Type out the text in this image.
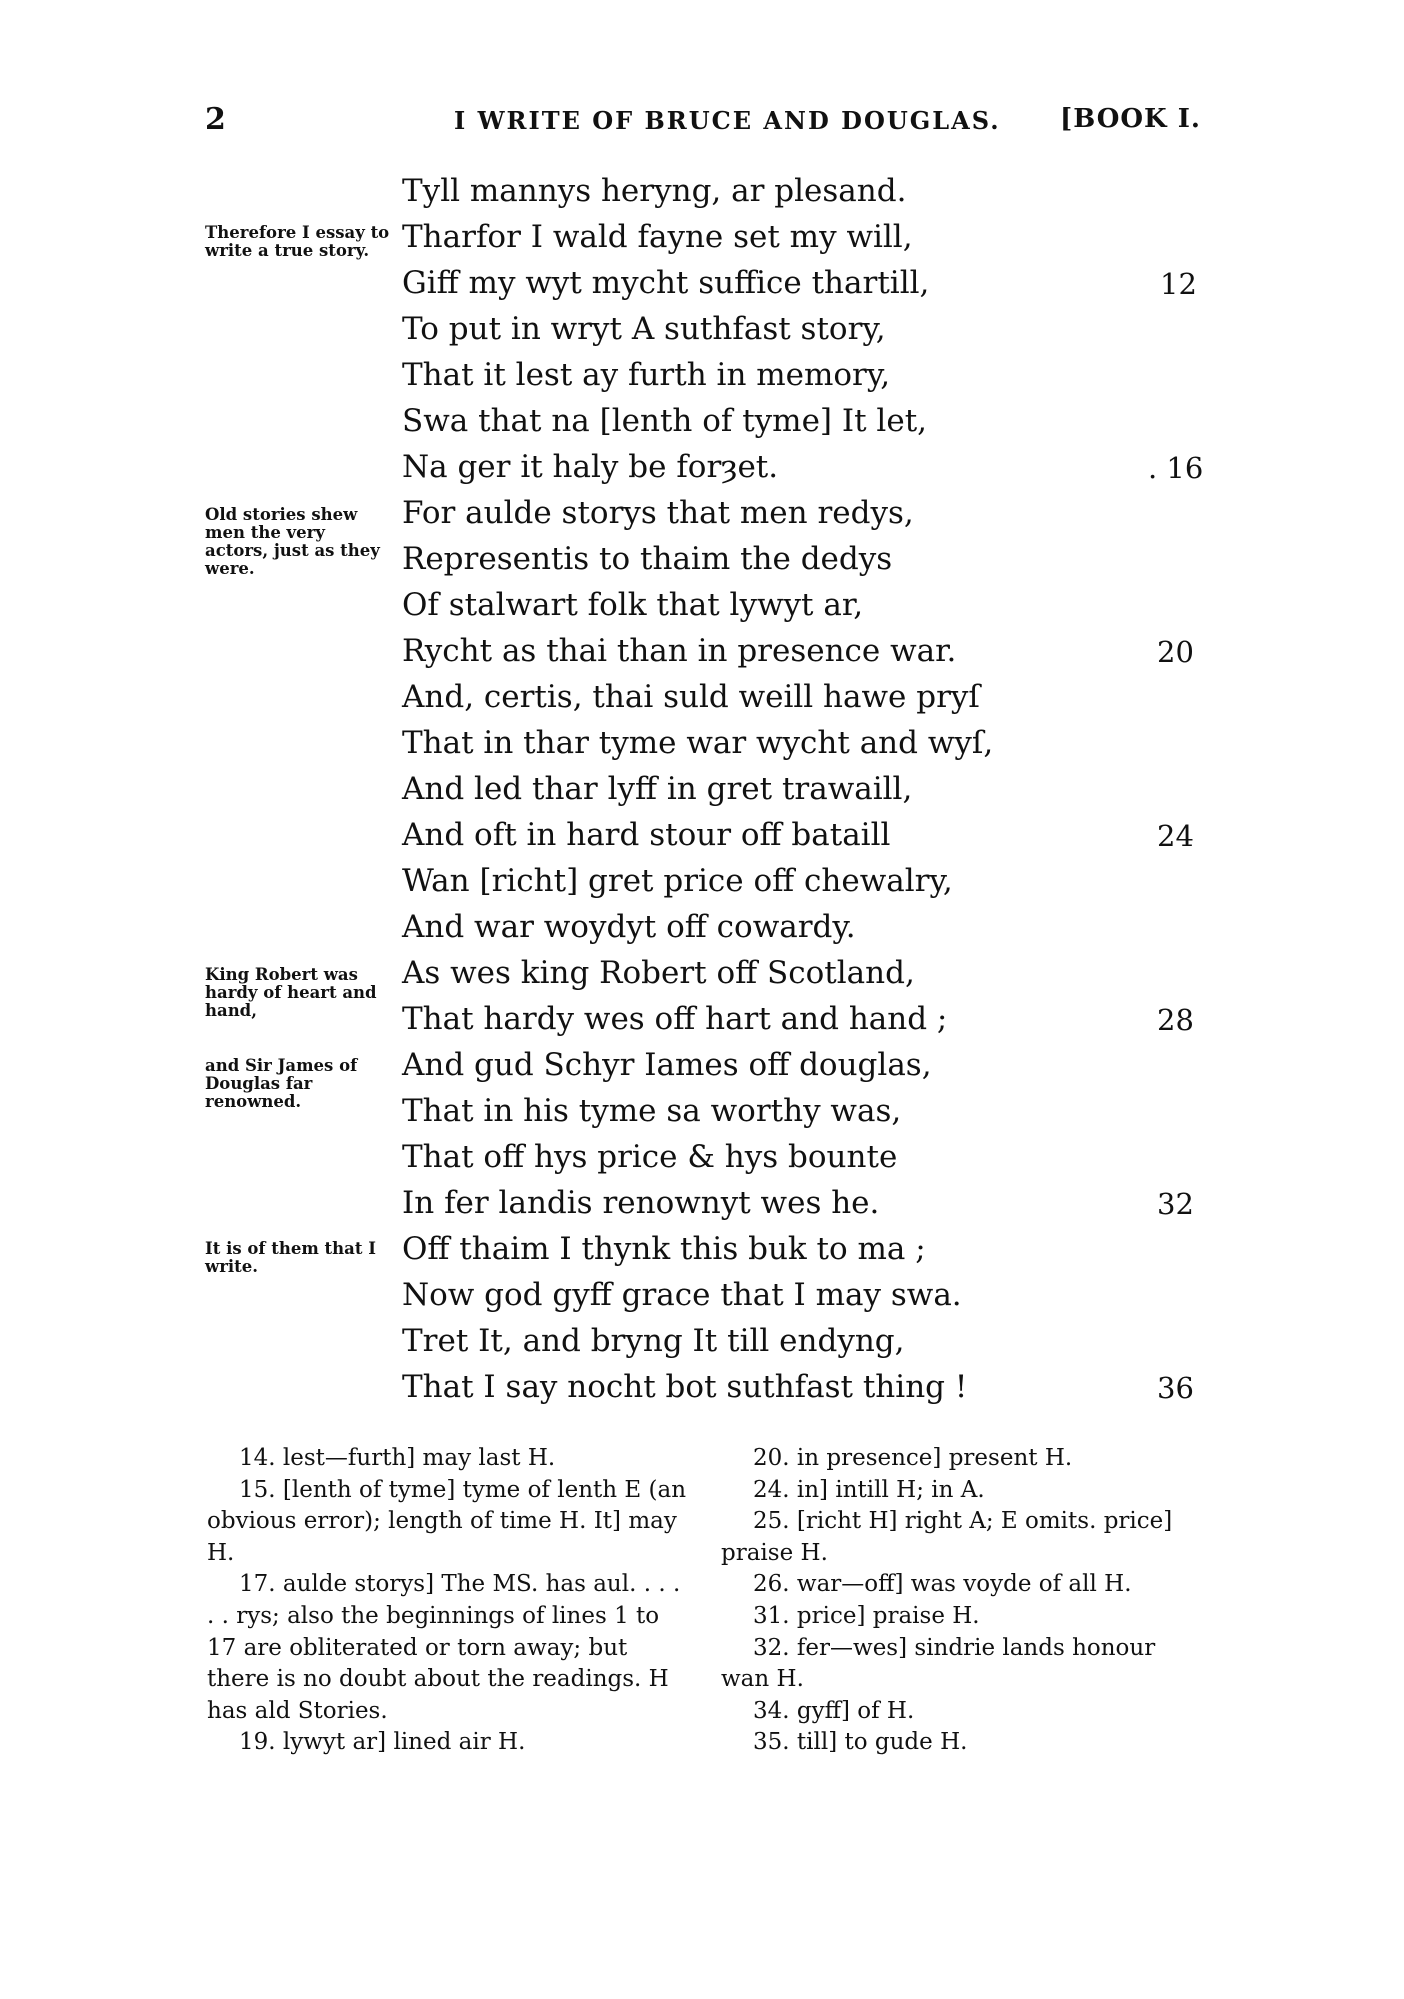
2	I WRITE OF BRUCE AND DOUGLAS. [BOOK I.
Therefore I essay to write a true story.
Old stories shew men the very actors, just as they were.
King Robert was hardy of heart and hand,
and Sir James of Douglas far renowned.
It is of them that I write.
Tyll mannys heryng, ar plesand.
Tharfor I wald fayne set my will,
Giff my wyt mycht suffice thartill,
To put in wryt A suthfast story,
That it lest ay furth in memory,
Swa that na [lenth of tyme] It let,
Na ger it haly be forȝet.
For aulde storys that men redys,
Representis to thaim the dedys
Of stalwart folk that lywyt ar,
Rycht as thai than in presence war.
And, certis, thai suld weill hawe pryſ
That in thar tyme war wycht and wyſ,
And led thar lyff in gret trawaill,
And oft in hard stour off bataill
Wan [richt] gret price off chewalry,
And war woydyt off cowardy.
As wes king Robert off Scotland,
That hardy wes off hart and hand ;
And gud Schyr Iames off douglas,
That in his tyme sa worthy was,
That off hys price & hys bounte
In fer landis renownyt wes he.
Off thaim I thynk this buk to ma ;
Now god gyff grace that I may swa.
Tret It, and bryng It till endyng,
That I say nocht bot suthfast thing !
12
. 16
20
24
28
32
36

14. lest—furth] may last H.

15. [lenth of tyme] tyme of lenth E (an obvious error); length of time H. It] may H.

17. aulde storys] The MS. has aul. . . . . . rys; also the beginnings of lines 1 to 17 are obliterated or torn away; but there is no doubt about the readings. H has ald Stories.

19. lywyt ar] lined air H.

20. in presence] present H.

24. in] intill H; in A.

25. [richt H] right A; E omits. price] praise H.

26. war—off] was voyde of all H.

31. price] praise H.

32. fer—wes] sindrie lands honour wan H.

34. gyff] of H.

35. till] to gude H.
